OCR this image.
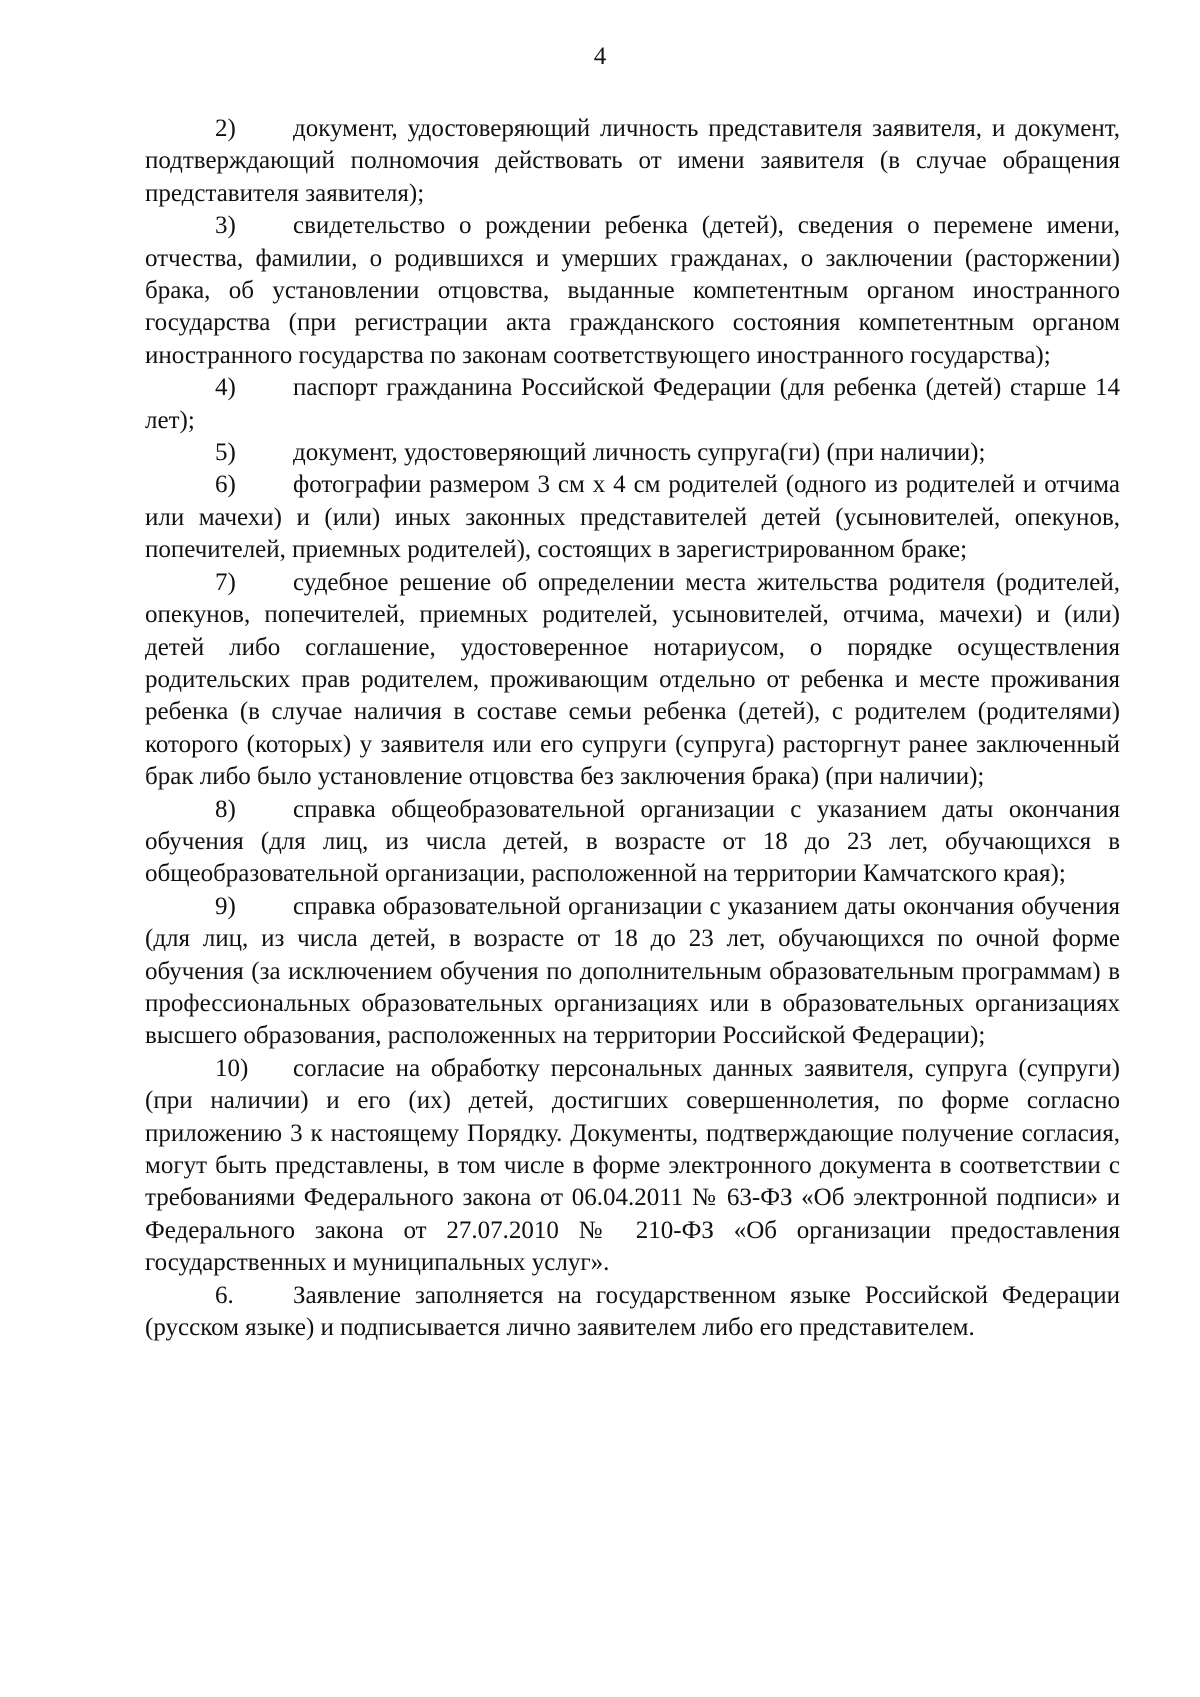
4

2) документ, удостоверяющий личность представителя заявителя, и документ, подтверждающий полномочия действовать от имени заявителя (в случае обращения представителя заявителя);

3) свидетельство о рождении ребенка (детей), сведения о перемене имени, отчества, фамилии, о родившихся и умерших гражданах, о заключении (расторжении) брака, об установлении отцовства, выданные компетентным органом иностранного государства (при регистрации акта гражданского состояния компетентным органом иностранного государства по законам соответствующего иностранного государства);

4) паспорт гражданина Российской Федерации (для ребенка (детей) старше 14 лет);

5) документ, удостоверяющий личность супруга(ги) (при наличии);

6) фотографии размером 3 см х 4 см родителей (одного из родителей и отчима или мачехи) и (или) иных законных представителей детей (усыновителей, опекунов, попечителей, приемных родителей), состоящих в зарегистрированном браке;

7) судебное решение об определении места жительства родителя (родителей, опекунов, попечителей, приемных родителей, усыновителей, отчима, мачехи) и (или) детей либо соглашение, удостоверенное нотариусом, о порядке осуществления родительских прав родителем, проживающим отдельно от ребенка и месте проживания ребенка (в случае наличия в составе семьи ребенка (детей), с родителем (родителями) которого (которых) у заявителя или его супруги (супруга) расторгнут ранее заключенный брак либо было установление отцовства без заключения брака) (при наличии);

8) справка общеобразовательной организации с указанием даты окончания обучения (для лиц, из числа детей, в возрасте от 18 до 23 лет, обучающихся в общеобразовательной организации, расположенной на территории Камчатского края);

9) справка образовательной организации с указанием даты окончания обучения (для лиц, из числа детей, в возрасте от 18 до 23 лет, обучающихся по очной форме обучения (за исключением обучения по дополнительным образовательным программам) в профессиональных образовательных организациях или в образовательных организациях высшего образования, расположенных на территории Российской Федерации);

10) согласие на обработку персональных данных заявителя, супруга (супруги) (при наличии) и его (их) детей, достигших совершеннолетия, по форме согласно приложению 3 к настоящему Порядку. Документы, подтверждающие получение согласия, могут быть представлены, в том числе в форме электронного документа в соответствии с требованиями Федерального закона от 06.04.2011 № 63-ФЗ «Об электронной подписи» и Федерального закона от 27.07.2010 № 210-ФЗ «Об организации предоставления государственных и муниципальных услуг».

6. Заявление заполняется на государственном языке Российской Федерации (русском языке) и подписывается лично заявителем либо его представителем.
